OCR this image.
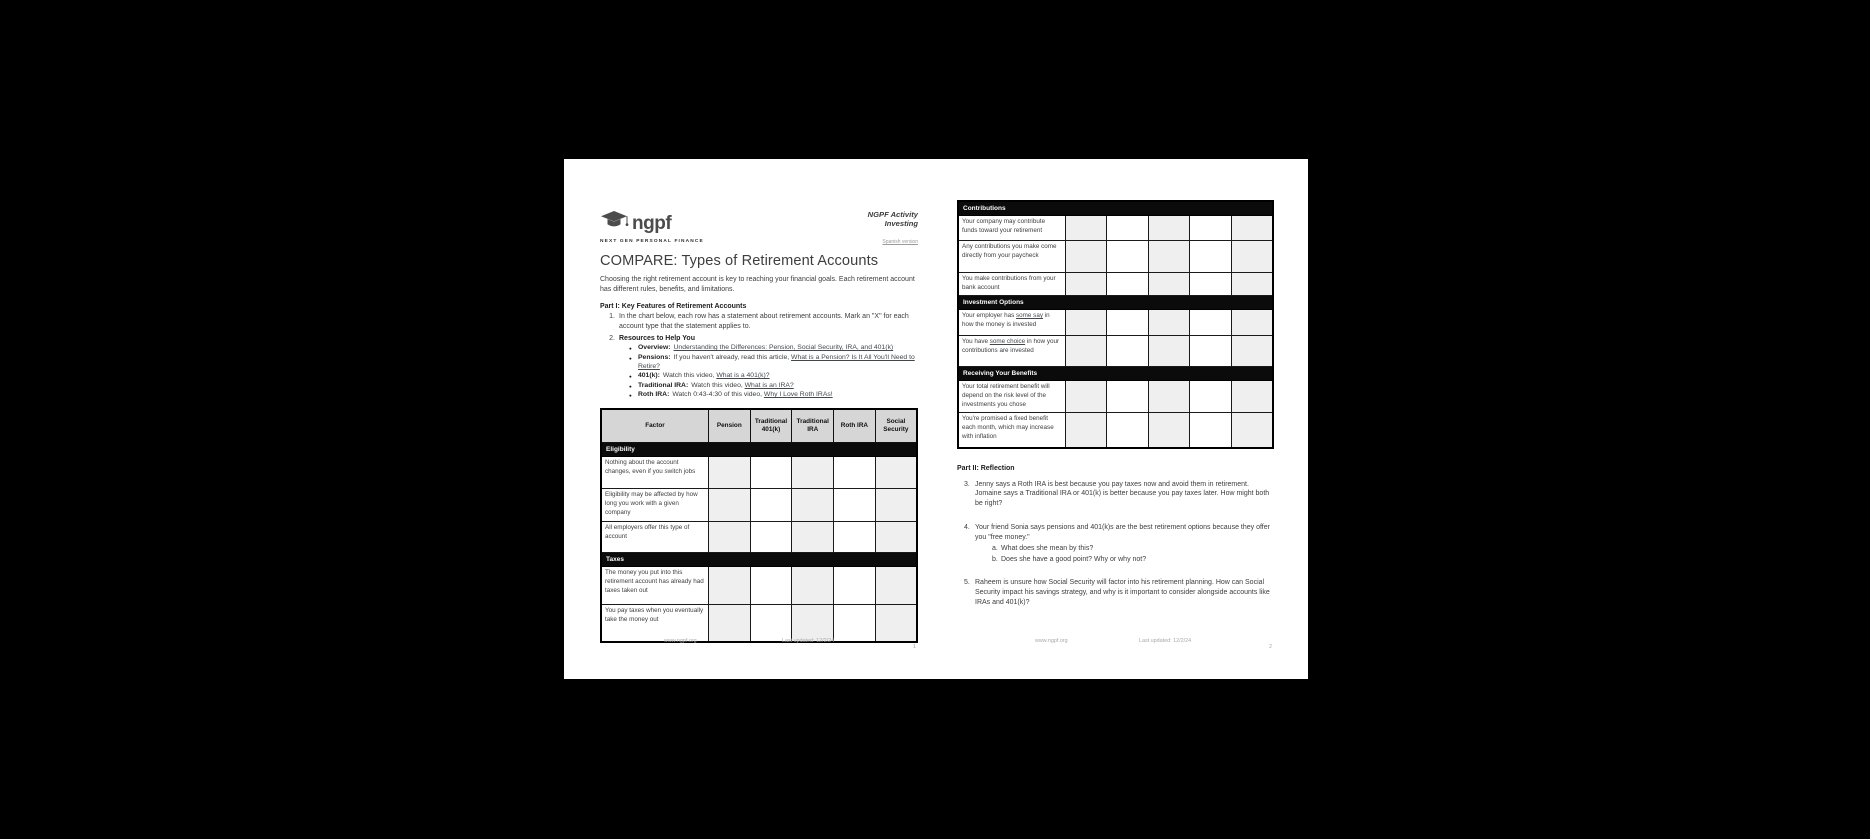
ngpf
NEXT GEN PERSONAL FINANCE
NGPF Activity
Investing
Spanish version
COMPARE: Types of Retirement Accounts
Choosing the right retirement account is key to reaching your financial goals. Each retirement account has different rules, benefits, and limitations.
Part I: Key Features of Retirement Accounts
1. In the chart below, each row has a statement about retirement accounts. Mark an "X" for each account type that the statement applies to.
2. Resources to Help You
● Overview: Understanding the Differences: Pension, Social Security, IRA, and 401(k)
● Pensions: If you haven't already, read this article, What is a Pension? Is It All You'll Need to Retire?
● 401(k): Watch this video, What is a 401(k)?
● Traditional IRA: Watch this video, What is an IRA?
● Roth IRA: Watch 0:43-4:30 of this video, Why I Love Roth IRAs!
Factor	Pension	Traditional 401(k)	Traditional IRA	Roth IRA	Social Security
Eligibility					
Nothing about the account changes, even if you switch jobs					
Eligibility may be affected by how long you work with a given company					
All employers offer this type of account					
Taxes					
The money you put into this retirement account has already had taxes taken out					
You pay taxes when you eventually take the money out					
www.ngpf.org	Last updated: 12/2/24
1
Contributions					
Your company may contribute funds toward your retirement					
Any contributions you make come directly from your paycheck					
You make contributions from your bank account					
Investment Options					
Your employer has some say in how the money is invested					
You have some choice in how your contributions are invested					
Receiving Your Benefits					
Your total retirement benefit will depend on the risk level of the investments you chose					
You're promised a fixed benefit each month, which may increase with inflation					
Part II: Reflection
3. Jenny says a Roth IRA is best because you pay taxes now and avoid them in retirement. Jomaine says a Traditional IRA or 401(k) is better because you pay taxes later. How might both be right?
4. Your friend Sonia says pensions and 401(k)s are the best retirement options because they offer you "free money."
a. What does she mean by this?
b. Does she have a good point? Why or why not?
5. Raheem is unsure how Social Security will factor into his retirement planning. How can Social Security impact his savings strategy, and why is it important to consider alongside accounts like IRAs and 401(k)?
www.ngpf.org	Last updated: 12/2/24
2
